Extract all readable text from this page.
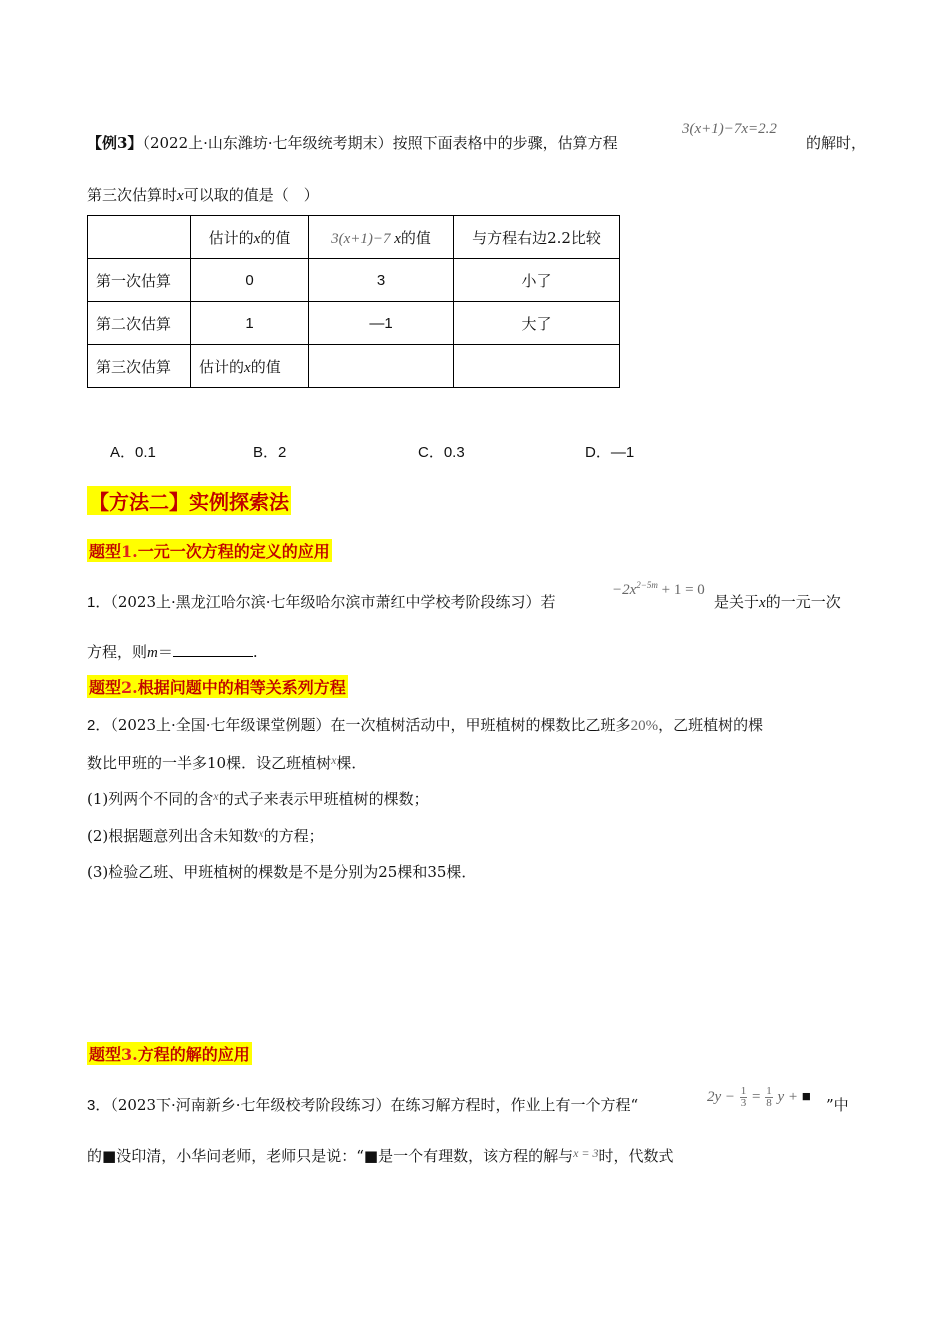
【例3】（2022上·山东潍坊·七年级统考期末）按照下面表格中的步骤，估算方程
3(x+1)−7x=2.2
的解时，
第三次估算时x可以取的值是（　）
	估计的x的值	3(x+1)−7 x的值	与方程右边2.2比较
第一次估算	0	3	小了
第二次估算	1	—1	大了
第三次估算	估计的x的值		
A．0.1	B．2	C．0.3	D．—1
【方法二】实例探索法
题型1.一元一次方程的定义的应用
1．（2023上·黑龙江哈尔滨·七年级哈尔滨市萧红中学校考阶段练习）若
$-2x^{2-5m} + 1 = 0$
是关于x的一元一次
方程，则m＝	.
题型2.根据问题中的相等关系列方程
2．（2023上·全国·七年级课堂例题）在一次植树活动中，甲班植树的棵数比乙班多20%，乙班植树的棵
数比甲班的一半多10棵．设乙班植树$^x$棵．
(1)列两个不同的含$^x$的式子来表示甲班植树的棵数；
(2)根据题意列出含未知数$^x$的方程；
(3)检验乙班、甲班植树的棵数是不是分别为25棵和35棵．
题型3.方程的解的应用
3．（2023下·河南新乡·七年级校考阶段练习）在练习解方程时，作业上有一个方程“	$2y - \frac{1}{3} = \frac{1}{8}$ y + ■ ”中
的■没印清，小华问老师，老师只是说：“■是一个有理数，该方程的解与$^{x = 3}$时，代数式
